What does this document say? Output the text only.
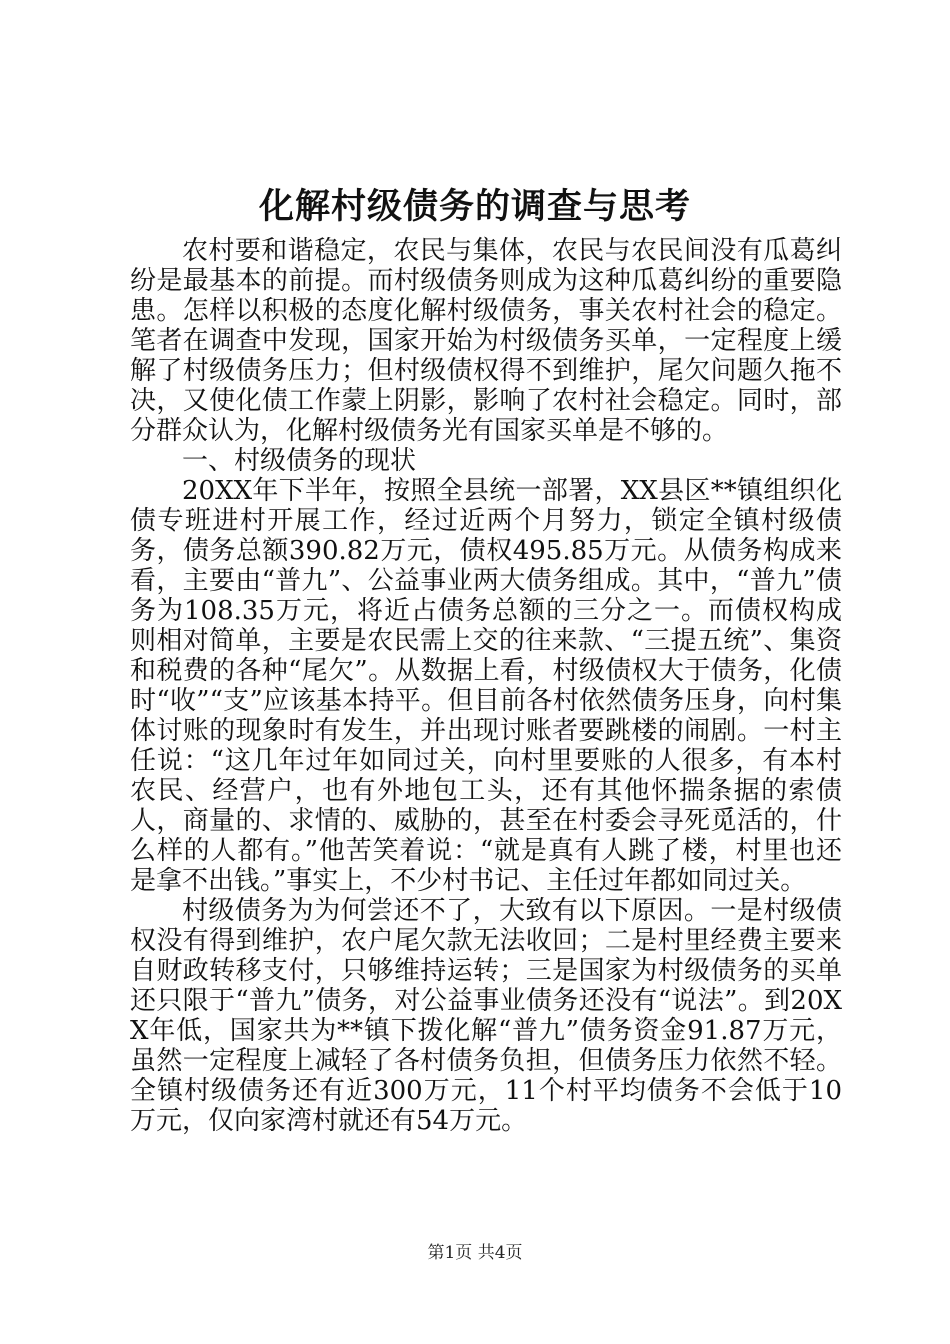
化解村级债务的调查与思考

农村要和谐稳定，农民与集体，农民与农民间没有瓜葛纠纷是最基本的前提。而村级债务则成为这种瓜葛纠纷的重要隐患。怎样以积极的态度化解村级债务，事关农村社会的稳定。笔者在调查中发现，国家开始为村级债务买单，一定程度上缓解了村级债务压力；但村级债权得不到维护，尾欠问题久拖不决，又使化债工作蒙上阴影，影响了农村社会稳定。同时，部分群众认为，化解村级债务光有国家买单是不够的。

一、村级债务的现状

20XX年下半年，按照全县统一部署，XX县区**镇组织化债专班进村开展工作，经过近两个月努力，锁定全镇村级债务，债务总额390.82万元，债权495.85万元。从债务构成来看，主要由“普九”、公益事业两大债务组成。其中，“普九”债务为108.35万元，将近占债务总额的三分之一。而债权构成则相对简单，主要是农民需上交的往来款、“三提五统”、集资和税费的各种“尾欠”。从数据上看，村级债权大于债务，化债时“收”“支”应该基本持平。但目前各村依然债务压身，向村集体讨账的现象时有发生，并出现讨账者要跳楼的闹剧。一村主任说：“这几年过年如同过关，向村里要账的人很多，有本村农民、经营户，也有外地包工头，还有其他怀揣条据的索债人，商量的、求情的、威胁的，甚至在村委会寻死觅活的，什么样的人都有。”他苦笑着说：“就是真有人跳了楼，村里也还是拿不出钱。”事实上，不少村书记、主任过年都如同过关。

村级债务为为何尝还不了，大致有以下原因。一是村级债权没有得到维护，农户尾欠款无法收回；二是村里经费主要来自财政转移支付，只够维持运转；三是国家为村级债务的买单还只限于“普九”债务，对公益事业债务还没有“说法”。到20XX年低，国家共为**镇下拨化解“普九”债务资金91.87万元，虽然一定程度上减轻了各村债务负担，但债务压力依然不轻。全镇村级债务还有近300万元，11个村平均债务不会低于10万元，仅向家湾村就还有54万元。

第1页 共4页
